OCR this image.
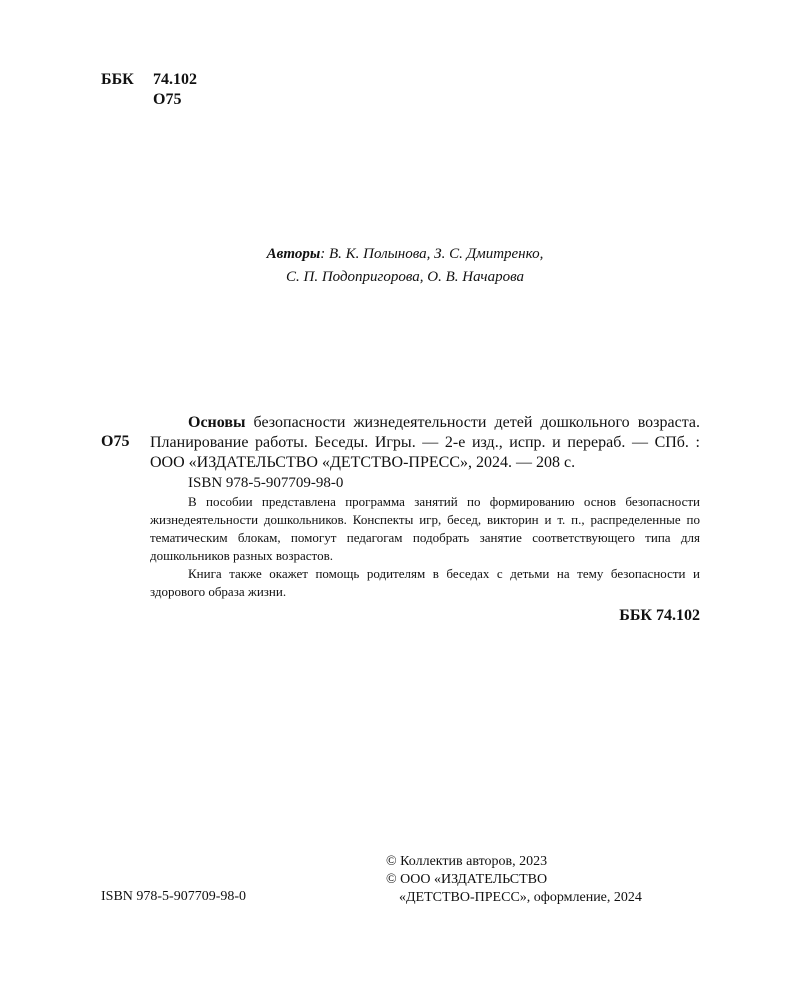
ББК 74.102
О75
Авторы: В. К. Полынова, З. С. Дмитренко,
С. П. Подопригорова, О. В. Начарова
О75

Основы безопасности жизнедеятельности детей дошкольного возраста. Планирование работы. Беседы. Игры. — 2-е изд., испр. и перераб. — СПб. : ООО «ИЗДАТЕЛЬСТВО «ДЕТСТВО-ПРЕСС», 2024. — 208 с.

ISBN 978-5-907709-98-0

В пособии представлена программа занятий по формированию основ безопасности жизнедеятельности дошкольников. Конспекты игр, бесед, викторин и т. п., распределенные по тематическим блокам, помогут педагогам подобрать занятие соответствующего типа для дошкольников разных возрастов.

Книга также окажет помощь родителям в беседах с детьми на тему безопасности и здорового образа жизни.

ББК 74.102

ISBN 978-5-907709-98-0
© Коллектив авторов, 2023
© ООО «ИЗДАТЕЛЬСТВО
«ДЕТСТВО-ПРЕСС», оформление, 2024
